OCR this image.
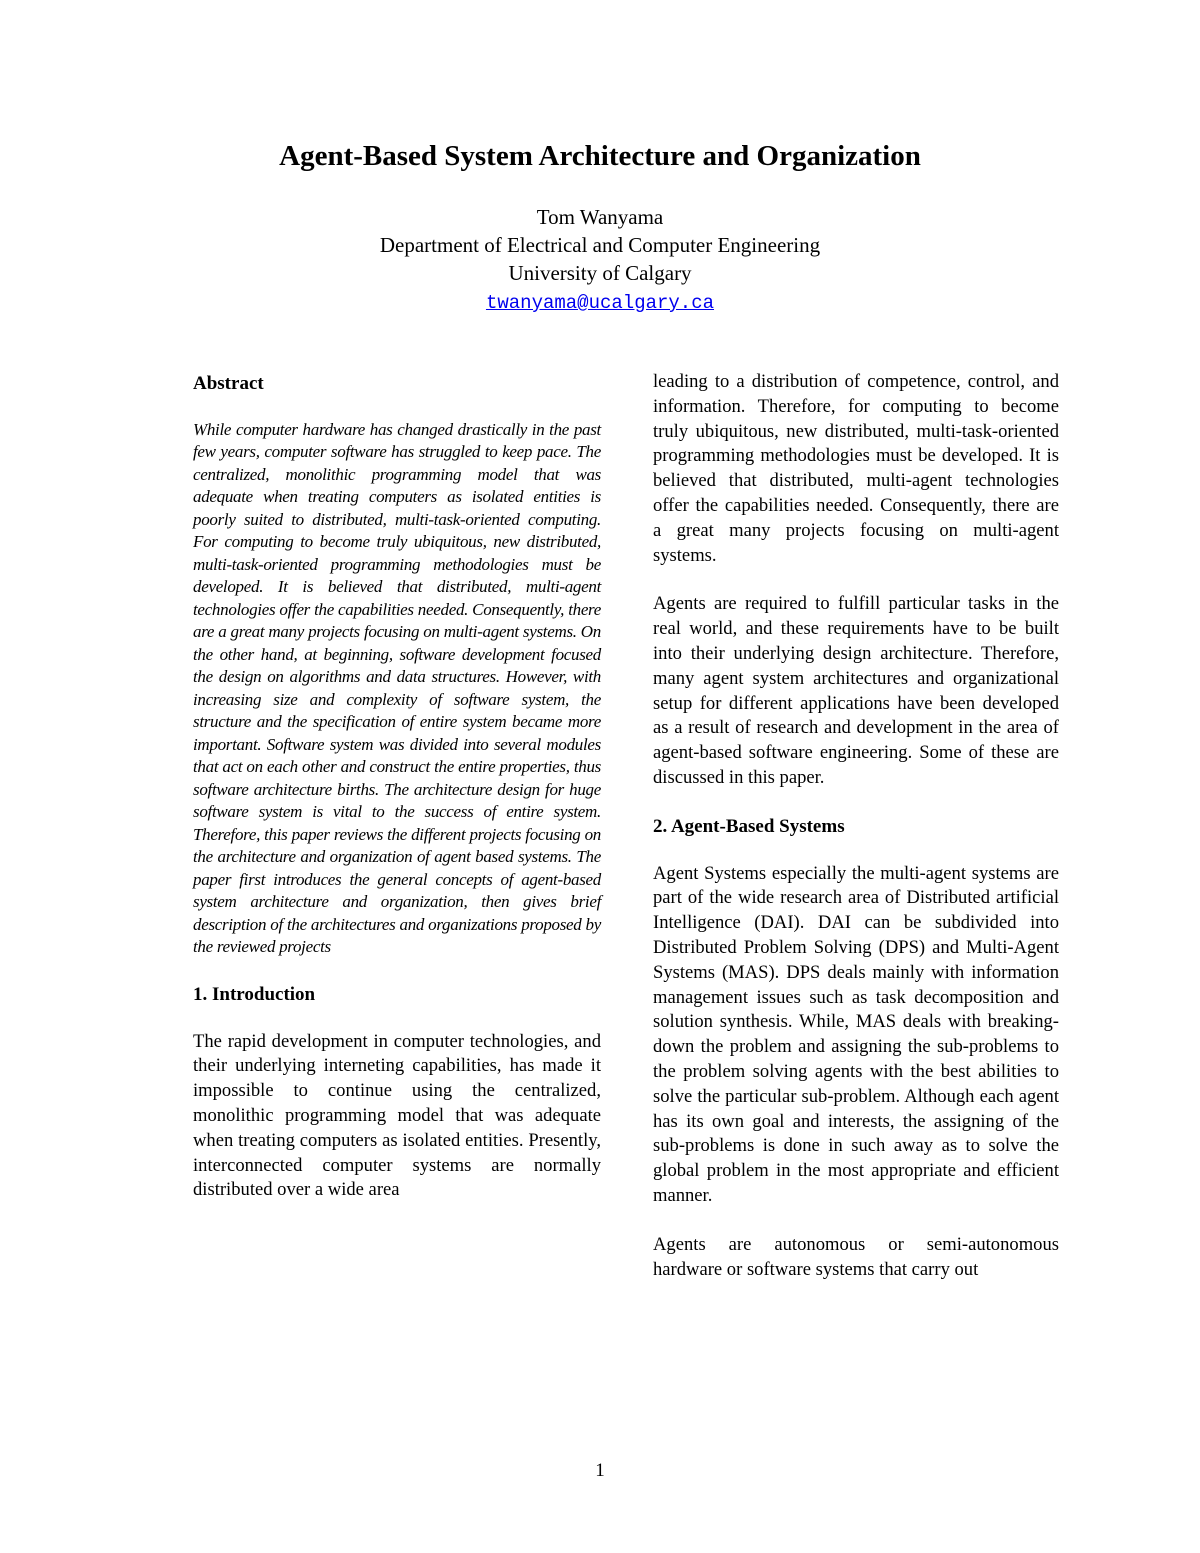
Agent-Based System Architecture and Organization
Tom Wanyama
Department of Electrical and Computer Engineering
University of Calgary
twanyama@ucalgary.ca
Abstract

While computer hardware has changed drastically in the past few years, computer software has struggled to keep pace. The centralized, monolithic programming model that was adequate when treating computers as isolated entities is poorly suited to distributed, multi-task-oriented computing. For computing to become truly ubiquitous, new distributed, multi-task-oriented programming methodologies must be developed. It is believed that distributed, multi-agent technologies offer the capabilities needed. Consequently, there are a great many projects focusing on multi-agent systems. On the other hand, at beginning, software development focused the design on algorithms and data structures. However, with increasing size and complexity of software system, the structure and the specification of entire system became more important. Software system was divided into several modules that act on each other and construct the entire properties, thus software architecture births. The architecture design for huge software system is vital to the success of entire system. Therefore, this paper reviews the different projects focusing on the architecture and organization of agent based systems. The paper first introduces the general concepts of agent-based system architecture and organization, then gives brief description of the architectures and organizations proposed by the reviewed projects

1. Introduction

The rapid development in computer technologies, and their underlying interneting capabilities, has made it impossible to continue using the centralized, monolithic programming model that was adequate when treating computers as isolated entities. Presently, interconnected computer systems are normally distributed over a wide area

leading to a distribution of competence, control, and information. Therefore, for computing to become truly ubiquitous, new distributed, multi-task-oriented programming methodologies must be developed. It is believed that distributed, multi-agent technologies offer the capabilities needed. Consequently, there are a great many projects focusing on multi-agent systems.

Agents are required to fulfill particular tasks in the real world, and these requirements have to be built into their underlying design architecture. Therefore, many agent system architectures and organizational setup for different applications have been developed as a result of research and development in the area of agent-based software engineering. Some of these are discussed in this paper.

2. Agent-Based Systems

Agent Systems especially the multi-agent systems are part of the wide research area of Distributed artificial Intelligence (DAI). DAI can be subdivided into Distributed Problem Solving (DPS) and Multi-Agent Systems (MAS). DPS deals mainly with information management issues such as task decomposition and solution synthesis. While, MAS deals with breaking-down the problem and assigning the sub-problems to the problem solving agents with the best abilities to solve the particular sub-problem. Although each agent has its own goal and interests, the assigning of the sub-problems is done in such away as to solve the global problem in the most appropriate and efficient manner.

Agents are autonomous or semi-autonomous hardware or software systems that carry out

1
